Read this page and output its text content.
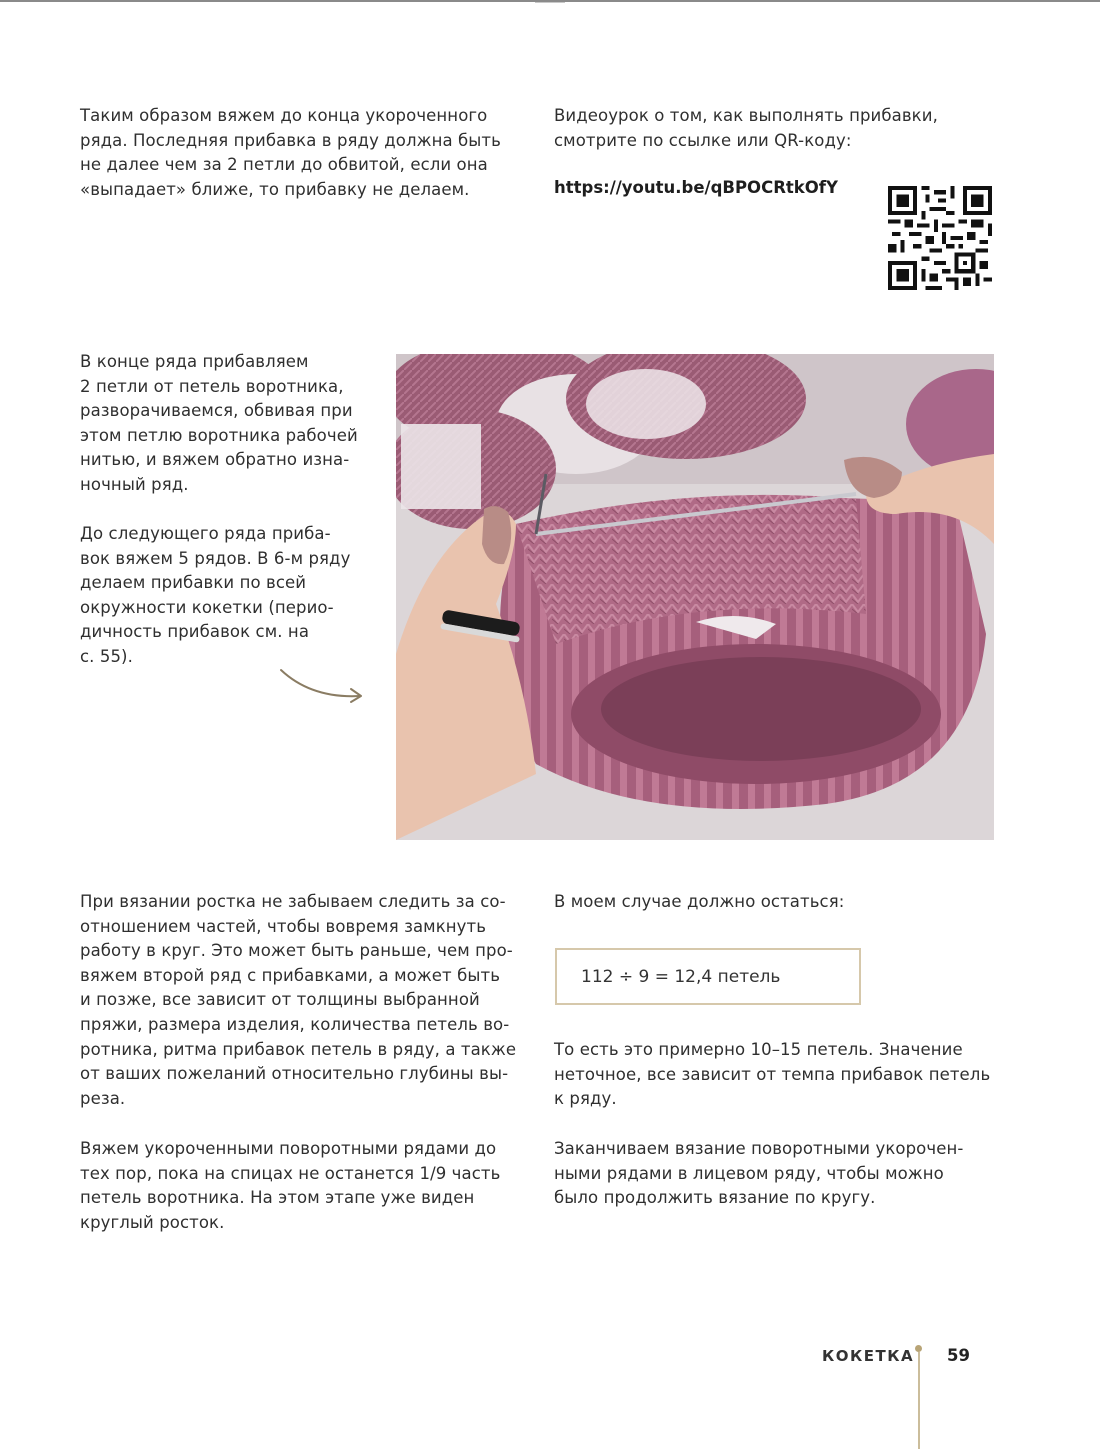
Таким образом вяжем до конца укороченного
ряда. Последняя прибавка в ряду должна быть
не далее чем за 2 петли до обвитой, если она
«выпадает» ближе, то прибавку не делаем.

Видеоурок о том, как выполнять прибавки,
смотрите по ссылке или QR-коду:

https://youtu.be/qBPOCRtkOfY

В конце ряда прибавляем
2 петли от петель воротника,
разворачиваемся, обвивая при
этом петлю воротника рабочей
нитью, и вяжем обратно изна-
ночный ряд.

До следующего ряда приба-
вок вяжем 5 рядов. В 6-м ряду
делаем прибавки по всей
окружности кокетки (перио-
дичность прибавок см. на
с. 55).

При вязании ростка не забываем следить за со-
отношением частей, чтобы вовремя замкнуть
работу в круг. Это может быть раньше, чем про-
вяжем второй ряд с прибавками, а может быть
и позже, все зависит от толщины выбранной
пряжи, размера изделия, количества петель во-
ротника, ритма прибавок петель в ряду, а также
от ваших пожеланий относительно глубины вы-
реза.

Вяжем укороченными поворотными рядами до
тех пор, пока на спицах не останется 1/9 часть
петель воротника. На этом этапе уже виден
круглый росток.

В моем случае должно остаться:

112 ÷ 9 = 12,4 петель

То есть это примерно 10–15 петель. Значение
неточное, все зависит от темпа прибавок петель
к ряду.

Заканчиваем вязание поворотными укорочен-
ными рядами в лицевом ряду, чтобы можно
было продолжить вязание по кругу.

КОКЕТКА 59
